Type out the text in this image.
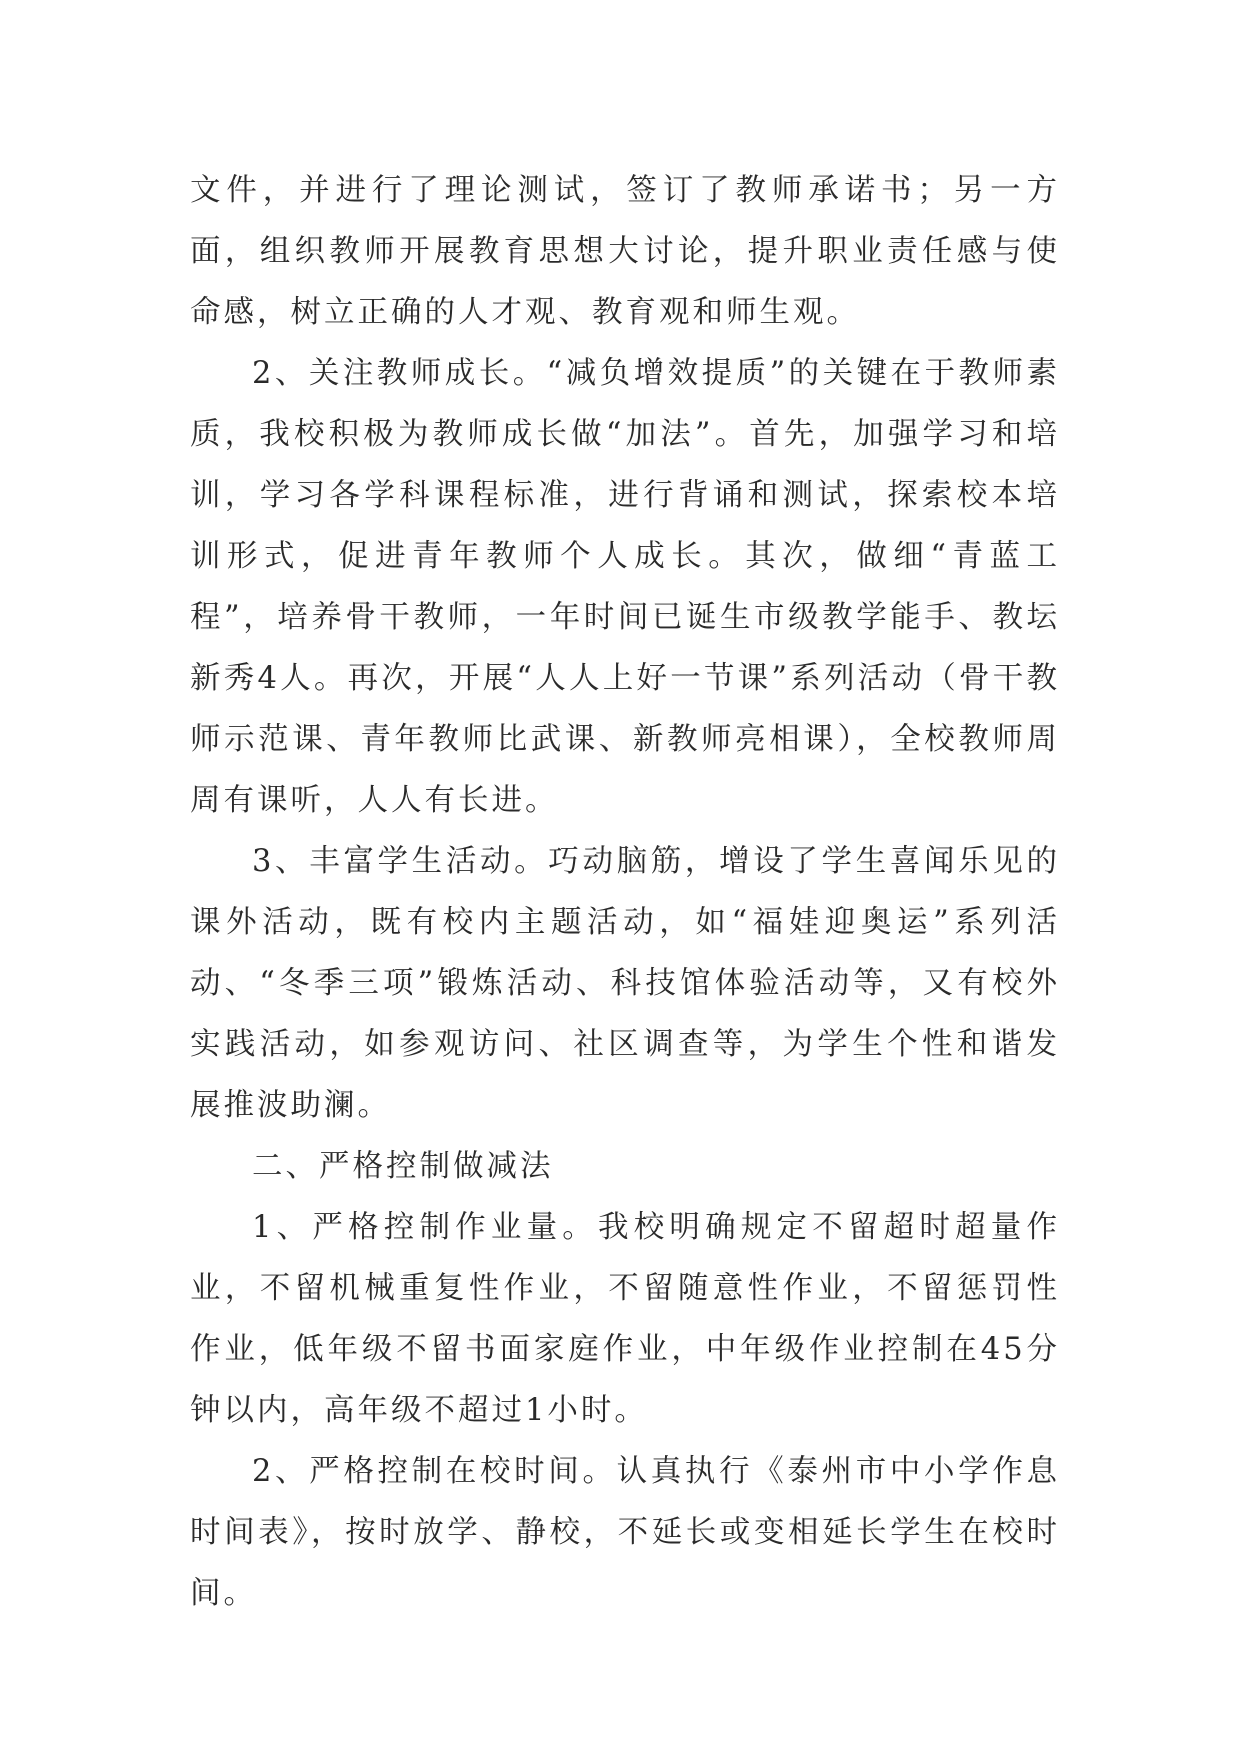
文件，并进行了理论测试，签订了教师承诺书；另一方面，组织教师开展教育思想大讨论，提升职业责任感与使命感，树立正确的人才观、教育观和师生观。

2、关注教师成长。“减负增效提质”的关键在于教师素质，我校积极为教师成长做“加法”。首先，加强学习和培训，学习各学科课程标准，进行背诵和测试，探索校本培训形式，促进青年教师个人成长。其次，做细“青蓝工程”，培养骨干教师，一年时间已诞生市级教学能手、教坛新秀4人。再次，开展“人人上好一节课”系列活动（骨干教师示范课、青年教师比武课、新教师亮相课），全校教师周周有课听，人人有长进。

3、丰富学生活动。巧动脑筋，增设了学生喜闻乐见的课外活动，既有校内主题活动，如“福娃迎奥运”系列活动、“冬季三项”锻炼活动、科技馆体验活动等，又有校外实践活动，如参观访问、社区调查等，为学生个性和谐发展推波助澜。

二、严格控制做减法

1、严格控制作业量。我校明确规定不留超时超量作业，不留机械重复性作业，不留随意性作业，不留惩罚性作业，低年级不留书面家庭作业，中年级作业控制在45分钟以内，高年级不超过1小时。

2、严格控制在校时间。认真执行《泰州市中小学作息时间表》，按时放学、静校，不延长或变相延长学生在校时间。
